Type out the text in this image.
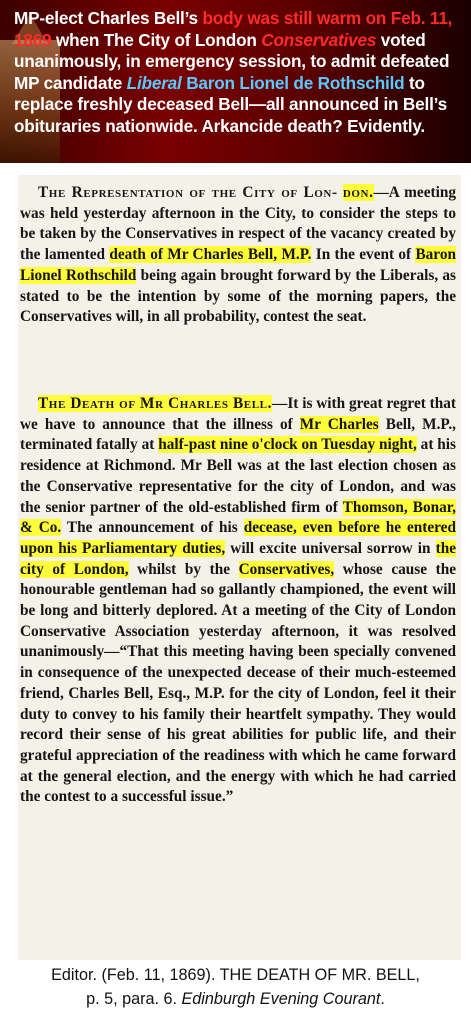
MP-elect Charles Bell’s body was still warm on Feb. 11, 1869 when The City of London Conservatives voted unanimously, in emergency session, to admit defeated MP candidate Liberal Baron Lionel de Rothschild to replace freshly deceased Bell—all announced in Bell’s obituraries nationwide. Arkancide death? Evidently.

The Representation of the City of Lon- don.—A meeting was held yesterday afternoon in the City, to consider the steps to be taken by the Conservatives in respect of the vacancy created by the lamented death of Mr Charles Bell, M.P. In the event of Baron Lionel Rothschild being again brought forward by the Liberals, as stated to be the intention by some of the morning papers, the Conservatives will, in all probability, contest the seat.

The Death of Mr Charles Bell.—It is with great regret that we have to announce that the illness of Mr Charles Bell, M.P., terminated fatally at half-past nine o'clock on Tuesday night, at his residence at Richmond. Mr Bell was at the last election chosen as the Conservative representative for the city of London, and was the senior partner of the old-established firm of Thomson, Bonar, & Co. The announcement of his decease, even before he entered upon his Parliamentary duties, will excite universal sorrow in the city of London, whilst by the Conservatives, whose cause the honourable gentleman had so gallantly championed, the event will be long and bitterly deplored. At a meeting of the City of London Conservative Association yesterday afternoon, it was resolved unanimously—“That this meeting having been specially convened in consequence of the unexpected decease of their much-esteemed friend, Charles Bell, Esq., M.P. for the city of London, feel it their duty to convey to his family their heartfelt sympathy. They would record their sense of his great abilities for public life, and their grateful appreciation of the readiness with which he came forward at the general election, and the energy with which he had carried the contest to a successful issue.”

Editor. (Feb. 11, 1869). THE DEATH OF MR. BELL,
p. 5, para. 6. Edinburgh Evening Courant.
